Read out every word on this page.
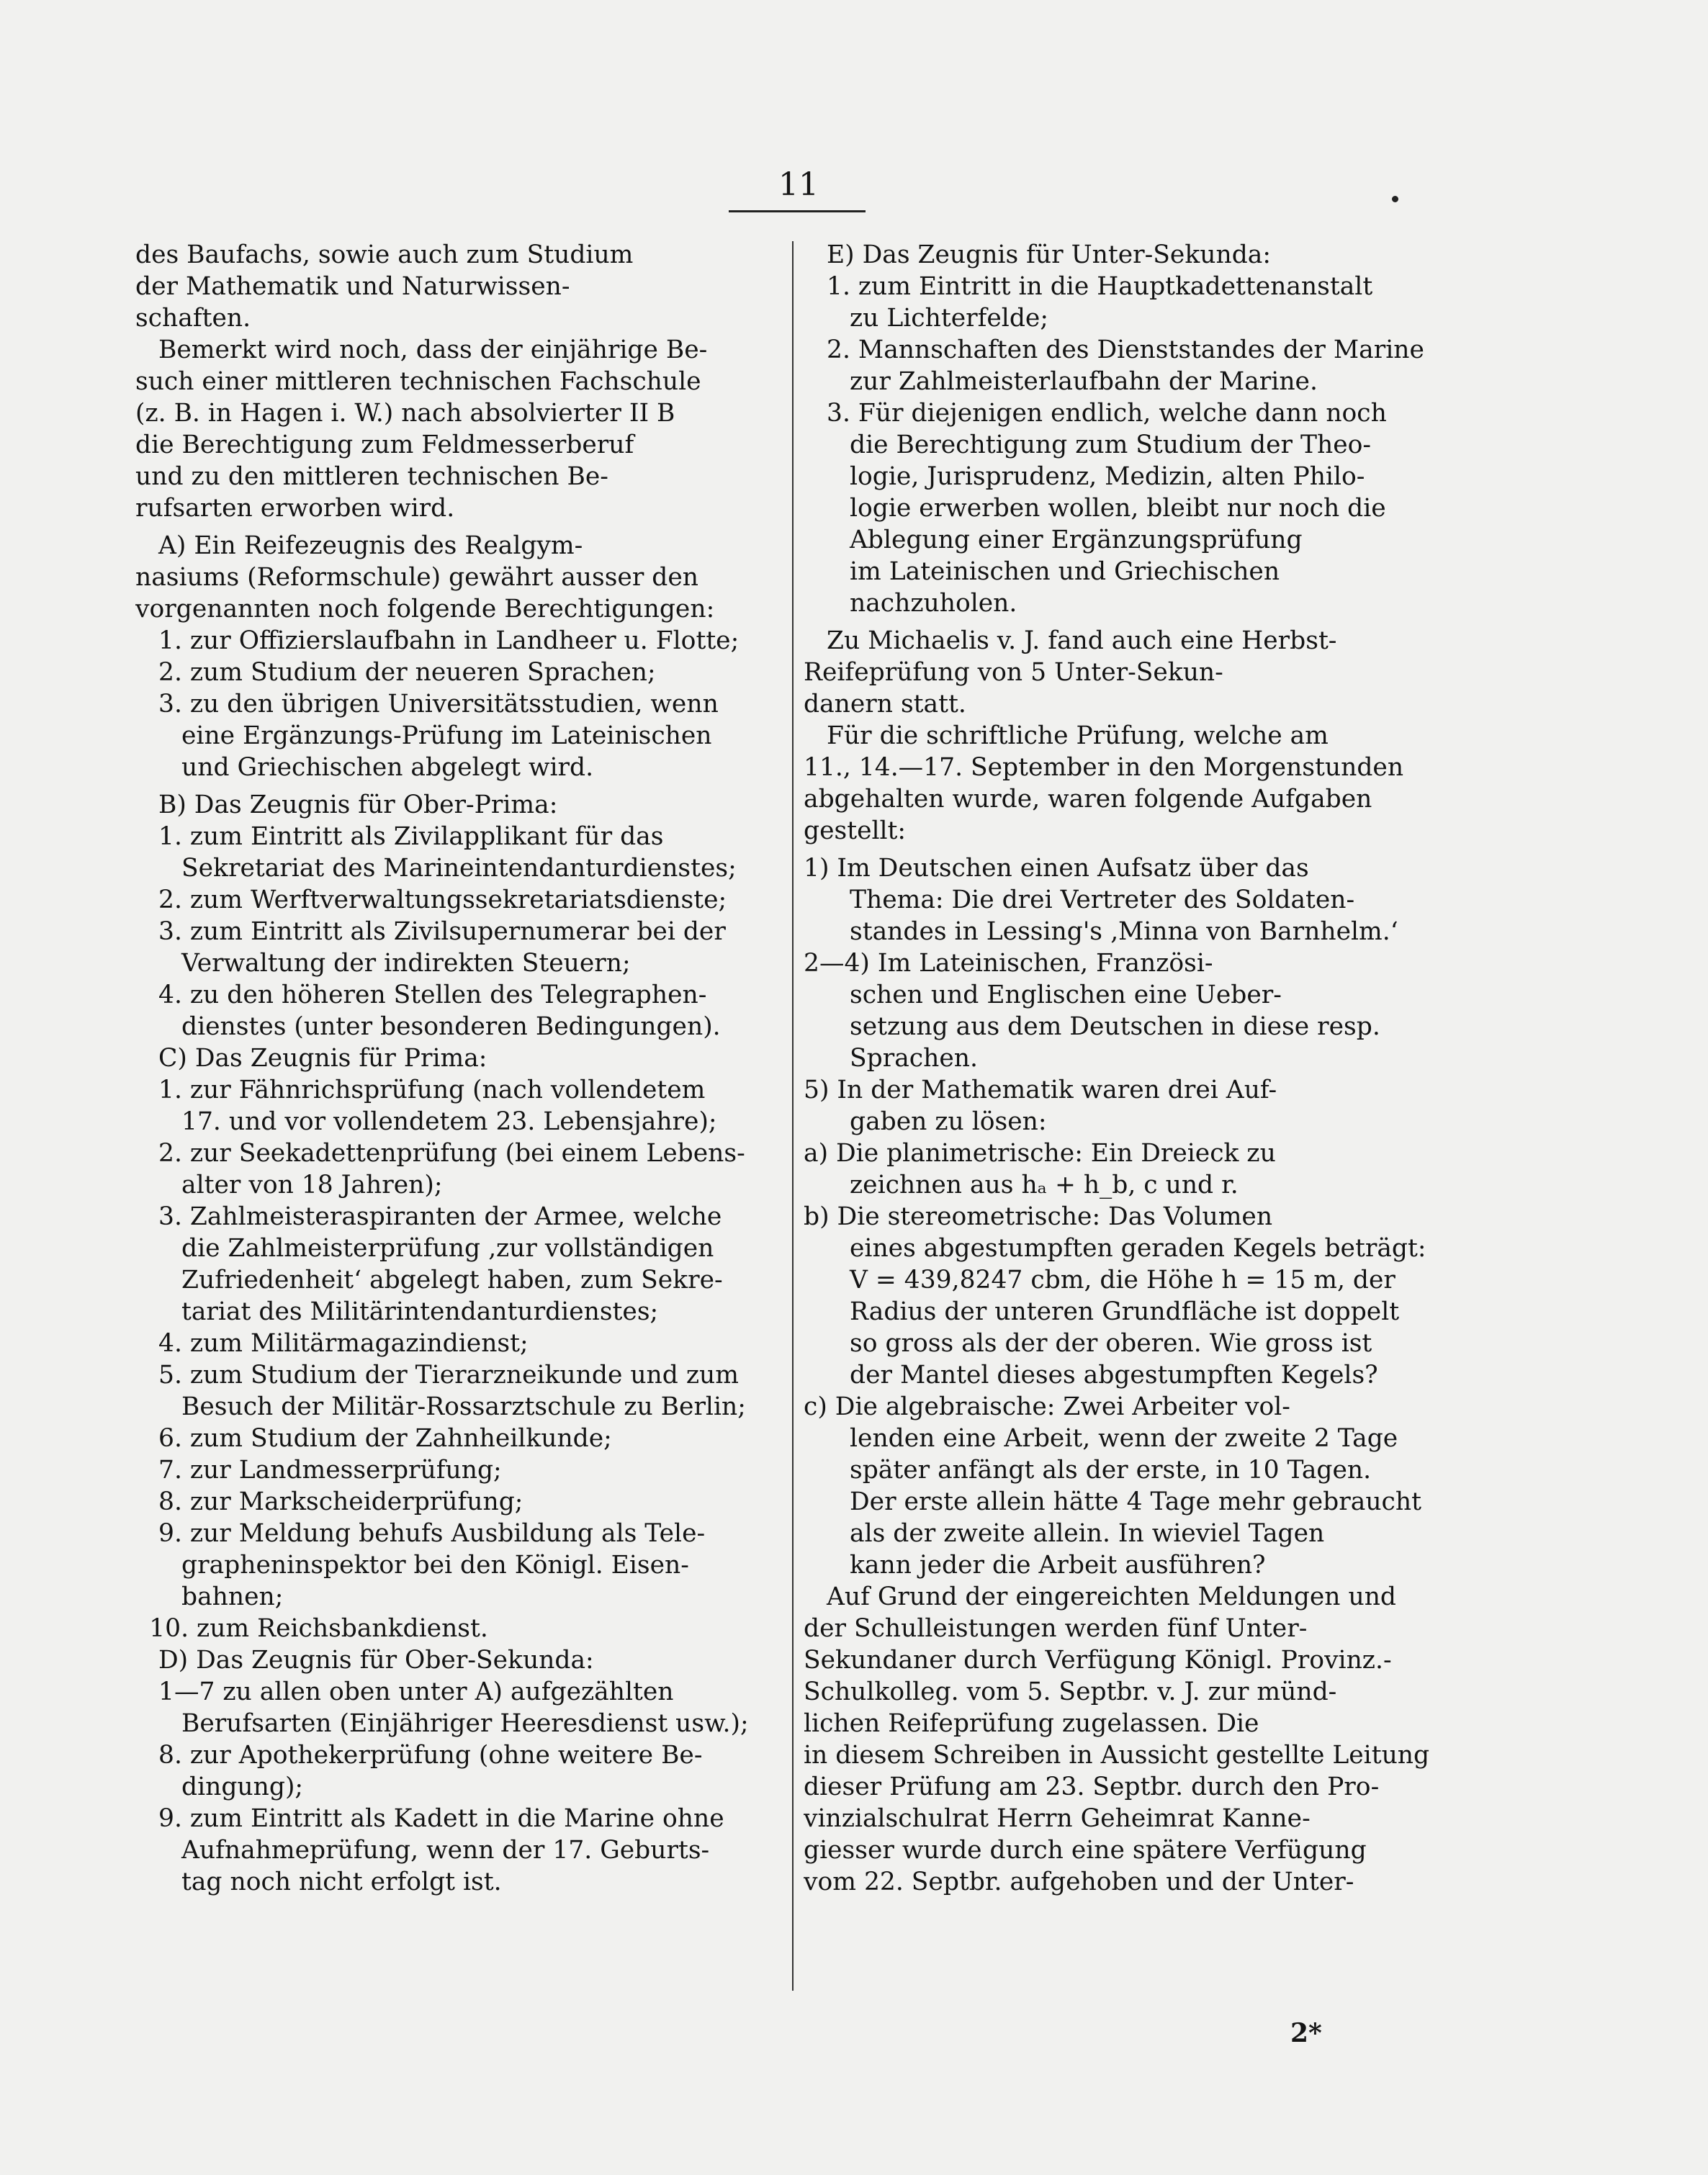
11
des Baufachs, sowie auch zum Studium
der Mathematik und Naturwissen-
schaften.
Bemerkt wird noch, dass der einjährige Be-
such einer mittleren technischen Fachschule
(z. B. in Hagen i. W.) nach absolvierter II B
die Berechtigung zum Feldmesserberuf
und zu den mittleren technischen Be-
rufsarten erworben wird.
A) Ein Reifezeugnis des Realgym-
nasiums (Reformschule) gewährt ausser den
vorgenannten noch folgende Berechtigungen:
1. zur Offizierslaufbahn in Landheer u. Flotte;
2. zum Studium der neueren Sprachen;
3. zu den übrigen Universitätsstudien, wenn
eine Ergänzungs-Prüfung im Lateinischen
und Griechischen abgelegt wird.
B) Das Zeugnis für Ober-Prima:
1. zum Eintritt als Zivilapplikant für das
Sekretariat des Marineintendanturdienstes;
2. zum Werftverwaltungssekretariatsdienste;
3. zum Eintritt als Zivilsupernumerar bei der
Verwaltung der indirekten Steuern;
4. zu den höheren Stellen des Telegraphen-
dienstes (unter besonderen Bedingungen).
C) Das Zeugnis für Prima:
1. zur Fähnrichsprüfung (nach vollendetem
17. und vor vollendetem 23. Lebensjahre);
2. zur Seekadettenprüfung (bei einem Lebens-
alter von 18 Jahren);
3. Zahlmeisteraspiranten der Armee, welche
die Zahlmeisterprüfung ‚zur vollständigen
Zufriedenheit‘ abgelegt haben, zum Sekre-
tariat des Militärintendanturdienstes;
4. zum Militärmagazindienst;
5. zum Studium der Tierarzneikunde und zum
Besuch der Militär-Rossarztschule zu Berlin;
6. zum Studium der Zahnheilkunde;
7. zur Landmesserprüfung;
8. zur Markscheiderprüfung;
9. zur Meldung behufs Ausbildung als Tele-
grapheninspektor bei den Königl. Eisen-
bahnen;
10. zum Reichsbankdienst.
D) Das Zeugnis für Ober-Sekunda:
1—7 zu allen oben unter A) aufgezählten
Berufsarten (Einjähriger Heeresdienst usw.);
8. zur Apothekerprüfung (ohne weitere Be-
dingung);
9. zum Eintritt als Kadett in die Marine ohne
Aufnahmeprüfung, wenn der 17. Geburts-
tag noch nicht erfolgt ist.
E) Das Zeugnis für Unter-Sekunda:
1. zum Eintritt in die Hauptkadettenanstalt
zu Lichterfelde;
2. Mannschaften des Dienststandes der Marine
zur Zahlmeisterlaufbahn der Marine.
3. Für diejenigen endlich, welche dann noch
die Berechtigung zum Studium der Theo-
logie, Jurisprudenz, Medizin, alten Philo-
logie erwerben wollen, bleibt nur noch die
Ablegung einer Ergänzungsprüfung
im Lateinischen und Griechischen
nachzuholen.
Zu Michaelis v. J. fand auch eine Herbst-
Reifeprüfung von 5 Unter-Sekun-
danern statt.
Für die schriftliche Prüfung, welche am
11., 14.—17. September in den Morgenstunden
abgehalten wurde, waren folgende Aufgaben
gestellt:
1) Im Deutschen einen Aufsatz über das
Thema: Die drei Vertreter des Soldaten-
standes in Lessing's ‚Minna von Barnhelm.‘
2—4) Im Lateinischen, Französi-
schen und Englischen eine Ueber-
setzung aus dem Deutschen in diese resp.
Sprachen.
5) In der Mathematik waren drei Auf-
gaben zu lösen:
a) Die planimetrische: Ein Dreieck zu
zeichnen aus hₐ + h_b, c und r.
b) Die stereometrische: Das Volumen
eines abgestumpften geraden Kegels beträgt:
V = 439,8247 cbm, die Höhe h = 15 m, der
Radius der unteren Grundfläche ist doppelt
so gross als der der oberen. Wie gross ist
der Mantel dieses abgestumpften Kegels?
c) Die algebraische: Zwei Arbeiter vol-
lenden eine Arbeit, wenn der zweite 2 Tage
später anfängt als der erste, in 10 Tagen.
Der erste allein hätte 4 Tage mehr gebraucht
als der zweite allein. In wieviel Tagen
kann jeder die Arbeit ausführen?
Auf Grund der eingereichten Meldungen und
der Schulleistungen werden fünf Unter-
Sekundaner durch Verfügung Königl. Provinz.-
Schulkolleg. vom 5. Septbr. v. J. zur münd-
lichen Reifeprüfung zugelassen. Die
in diesem Schreiben in Aussicht gestellte Leitung
dieser Prüfung am 23. Septbr. durch den Pro-
vinzialschulrat Herrn Geheimrat Kanne-
giesser wurde durch eine spätere Verfügung
vom 22. Septbr. aufgehoben und der Unter-
2*
